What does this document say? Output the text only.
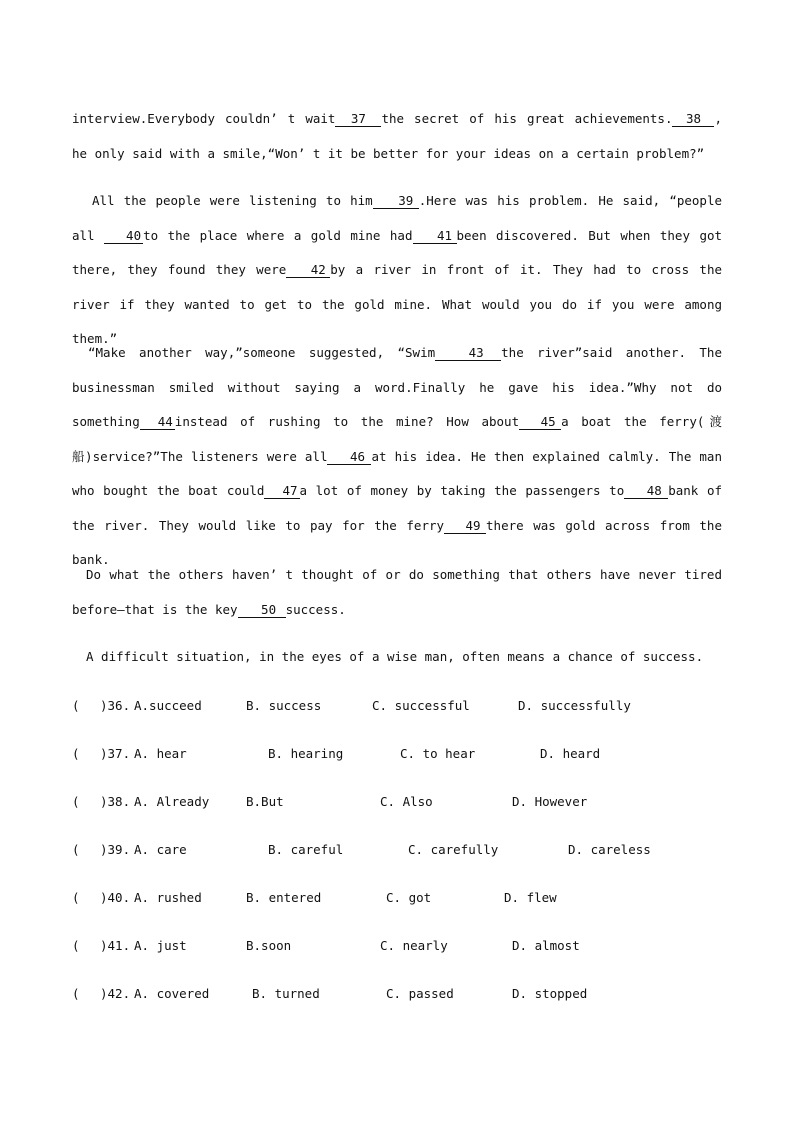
interview.Everybody couldn’ t wait 37 the secret of his great achievements. 38 , he only said with a smile,“Won’ t it be better for your ideas on a certain problem?”

All the people were listening to him 39 .Here was his problem. He said, “people all 40 to the place where a gold mine had 41 been discovered. But when they got there, they found they were 42 by a river in front of it. They had to cross the river if they wanted to get to the gold mine. What would you do if you were among them.”

“Make another way,”someone suggested, “Swim	43 the river”said another. The businessman smiled without saying a word.Finally he gave his idea.”Why not do something 44 instead of rushing to the mine? How about 45 a boat the ferry(渡船)service?”The listeners were all 46 at his idea. He then explained calmly. The man who bought the boat could 47 a lot of money by taking the passengers to 48 bank of the river. They would like to pay for the ferry 49 there was gold across from the bank.

Do what the others haven’ t thought of or do something that others have never tired before—that is the key 50 success.

A difficult situation, in the eyes of a wise man, often means a chance of success.

( )36. A.succeed	B. success	C. successful	D. successfully
( )37. A. hear	B. hearing	C. to hear	D. heard
( )38. A. Already	B.But	C. Also	D. However
( )39. A. care	B. careful	C. carefully	D. careless
( )40. A. rushed	B. entered	C. got	D. flew
( )41. A. just	B.soon	C. nearly	D. almost
( )42. A. covered	B. turned	C. passed	D. stopped
